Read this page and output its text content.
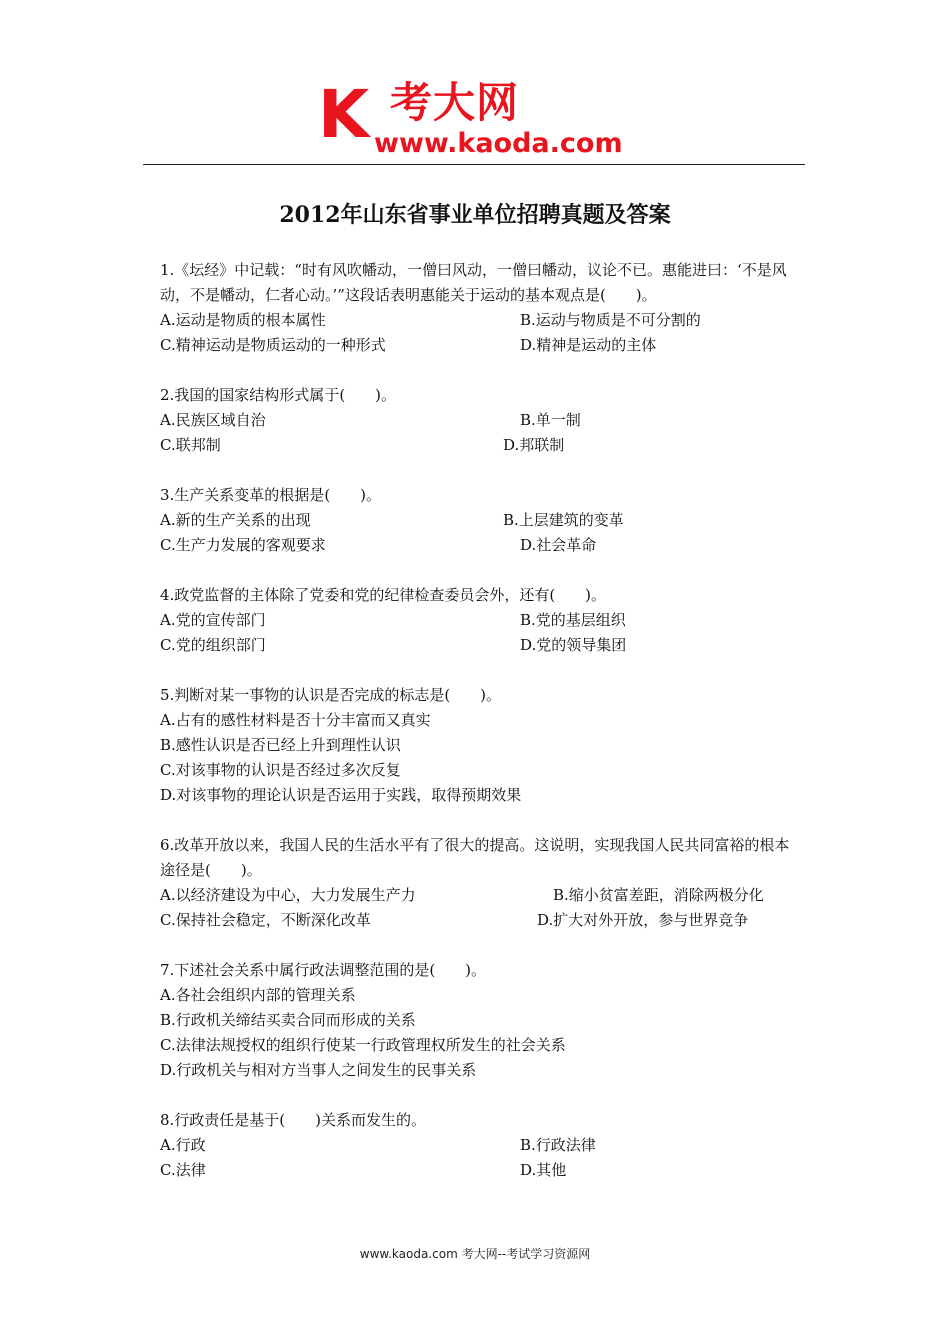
K 考大网
www.kaoda.com
2012年山东省事业单位招聘真题及答案

1.《坛经》中记载：“时有风吹幡动，一僧曰风动，一僧曰幡动，议论不已。惠能进曰：‘不是风动，不是幡动，仁者心动。’”这段话表明惠能关于运动的基本观点是(　　)。

A.运动是物质的根本属性	B.运动与物质是不可分割的
C.精神运动是物质运动的一种形式	D.精神是运动的主体

2.我国的国家结构形式属于(　　)。

A.民族区域自治	B.单一制
C.联邦制	D.邦联制

3.生产关系变革的根据是(　　)。

A.新的生产关系的出现	B.上层建筑的变革
C.生产力发展的客观要求	D.社会革命

4.政党监督的主体除了党委和党的纪律检查委员会外，还有(　　)。

A.党的宣传部门	B.党的基层组织
C.党的组织部门	D.党的领导集团

5.判断对某一事物的认识是否完成的标志是(　　)。

A.占有的感性材料是否十分丰富而又真实
B.感性认识是否已经上升到理性认识
C.对该事物的认识是否经过多次反复
D.对该事物的理论认识是否运用于实践，取得预期效果

6.改革开放以来，我国人民的生活水平有了很大的提高。这说明，实现我国人民共同富裕的根本途径是(　　)。

A.以经济建设为中心，大力发展生产力	B.缩小贫富差距，消除两极分化
C.保持社会稳定，不断深化改革	D.扩大对外开放，参与世界竞争

7.下述社会关系中属行政法调整范围的是(　　)。

A.各社会组织内部的管理关系
B.行政机关缔结买卖合同而形成的关系
C.法律法规授权的组织行使某一行政管理权所发生的社会关系
D.行政机关与相对方当事人之间发生的民事关系

8.行政责任是基于(　　)关系而发生的。

A.行政	B.行政法律
C.法律	D.其他
www.kaoda.com 考大网--考试学习资源网
